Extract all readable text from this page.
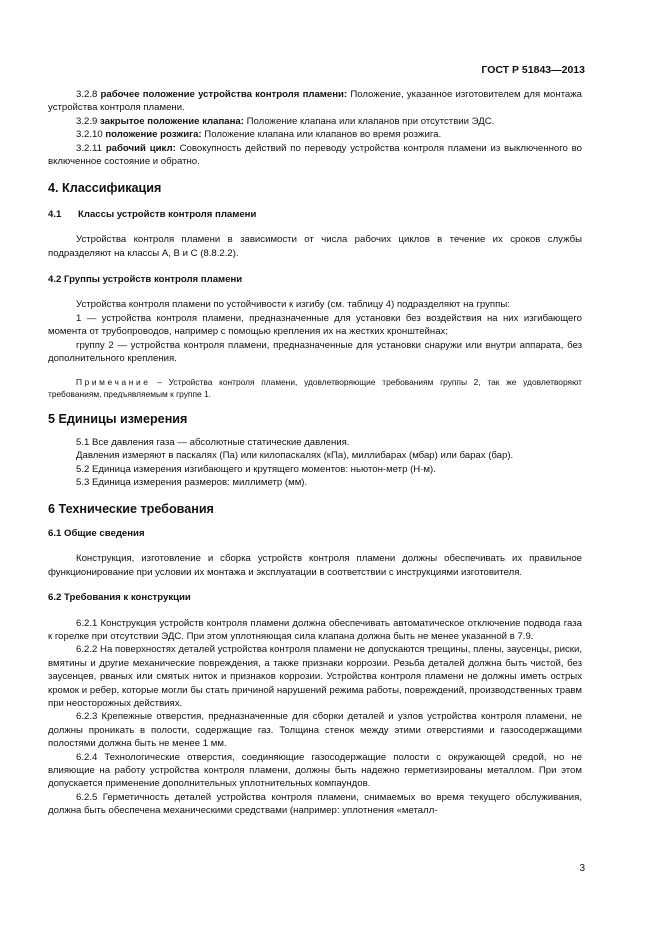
ГОСТ Р 51843—2013

3.2.8 рабочее положение устройства контроля пламени: Положение, указанное изготовителем для монтажа устройства контроля пламени.

3.2.9 закрытое положение клапана: Положение клапана или клапанов при отсутствии ЭДС.

3.2.10 положение розжига: Положение клапана или клапанов во время розжига.

3.2.11 рабочий цикл: Совокупность действий по переводу устройства контроля пламени из выключенного во включенное состояние и обратно.

4. Классификация

4.1 Классы устройств контроля пламени

Устройства контроля пламени в зависимости от числа рабочих циклов в течение их сроков службы подразделяют на классы A, B и C (8.8.2.2).

4.2 Группы устройств контроля пламени

Устройства контроля пламени по устойчивости к изгибу (см. таблицу 4) подразделяют на группы:

1 — устройства контроля пламени, предназначенные для установки без воздействия на них изгибающего момента от трубопроводов, например с помощью крепления их на жестких кронштейнах;

группу 2 — устройства контроля пламени, предназначенные для установки снаружи или внутри аппарата, без дополнительного крепления.

Примечание – Устройства контроля пламени, удовлетворяющие требованиям группы 2, так же удовлетворяют требованиям, предъявляемым к группе 1.

5 Единицы измерения

5.1 Все давления газа — абсолютные статические давления.

Давления измеряют в паскалях (Па) или килопаскалях (кПа), миллибарах (мбар) или барах (бар).

5.2 Единица измерения изгибающего и крутящего моментов: ньютон-метр (Н·м).

5.3 Единица измерения размеров: миллиметр (мм).

6 Технические требования

6.1 Общие сведения

Конструкция, изготовление и сборка устройств контроля пламени должны обеспечивать их правильное функционирование при условии их монтажа и эксплуатации в соответствии с инструкциями изготовителя.

6.2 Требования к конструкции

6.2.1 Конструкция устройств контроля пламени должна обеспечивать автоматическое отключение подвода газа к горелке при отсутствии ЭДС. При этом уплотняющая сила клапана должна быть не менее указанной в 7.9.

6.2.2 На поверхностях деталей устройства контроля пламени не допускаются трещины, плены, заусенцы, риски, вмятины и другие механические повреждения, а также признаки коррозии. Резьба деталей должна быть чистой, без заусенцев, рваных или смятых ниток и признаков коррозии. Устройства контроля пламени не должны иметь острых кромок и ребер, которые могли бы стать причиной нарушений режима работы, повреждений, производственных травм при неосторожных действиях.

6.2.3 Крепежные отверстия, предназначенные для сборки деталей и узлов устройства контроля пламени, не должны проникать в полости, содержащие газ. Толщина стенок между этими отверстиями и газосодержащими полостями должна быть не менее 1 мм.

6.2.4 Технологические отверстия, соединяющие газосодержащие полости с окружающей средой, но не влияющие на работу устройства контроля пламени, должны быть надежно герметизированы металлом. При этом допускается применение дополнительных уплотнительных компаундов.

6.2.5 Герметичность деталей устройства контроля пламени, снимаемых во время текущего обслуживания, должна быть обеспечена механическими средствами (например: уплотнения «металл-

3
